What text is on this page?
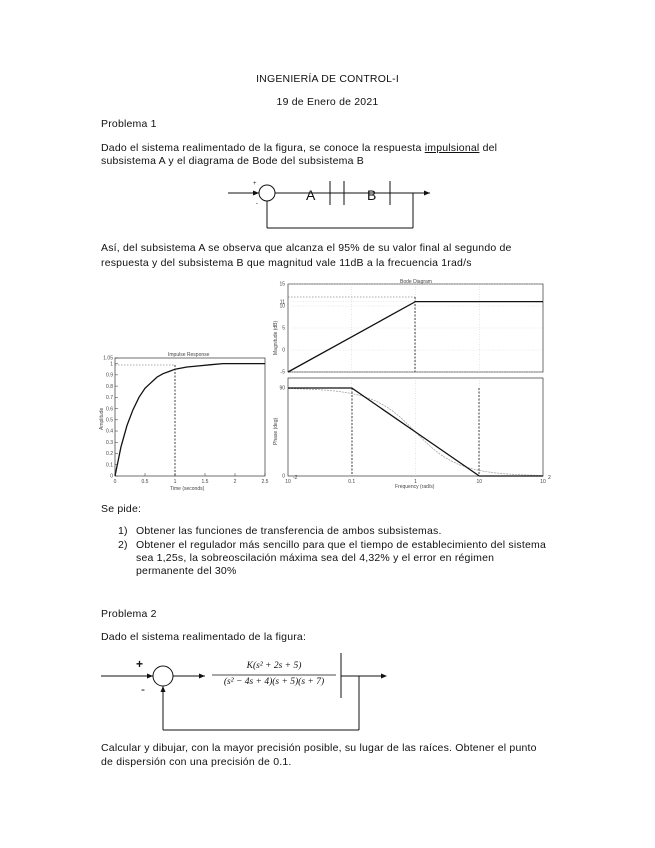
INGENIERÍA DE CONTROL-I
19 de Enero de 2021
Problema 1
Dado el sistema realimentado de la figura, se conoce la respuesta impulsional del
subsistema A y el diagrama de Bode del subsistema B
+
-
A	B
Así, del subsistema A se observa que alcanza el 95% de su valor final al segundo de
respuesta y del subsistema B que magnitud vale 11dB a la frecuencia 1rad/s
Impulse Response
Amplitude
Time (seconds)
1.05
1
0.9
0.8
0.7
0.6
0.5
0.4
0.3
0.2
0.1
0
0	0.5	1	1.5	2	2.5
Bode Diagram
Magnitude (dB)
15
11
10
5
0
-5
Phase (deg)
90
0
Frequency (rad/s)
10	0.1	1	10	10
-2	2
Se pide:
1) Obtener las funciones de transferencia de ambos subsistemas.
2) Obtener el regulador más sencillo para que el tiempo de establecimiento del sistema
sea 1,25s, la sobreoscilación máxima sea del 4,32% y el error en régimen
permanente del 30%
Problema 2
Dado el sistema realimentado de la figura:
+
-
K(s² + 2s + 5)
(s² − 4s + 4)(s + 5)(s + 7)
Calcular y dibujar, con la mayor precisión posible, su lugar de las raíces. Obtener el punto
de dispersión con una precisión de 0.1.
